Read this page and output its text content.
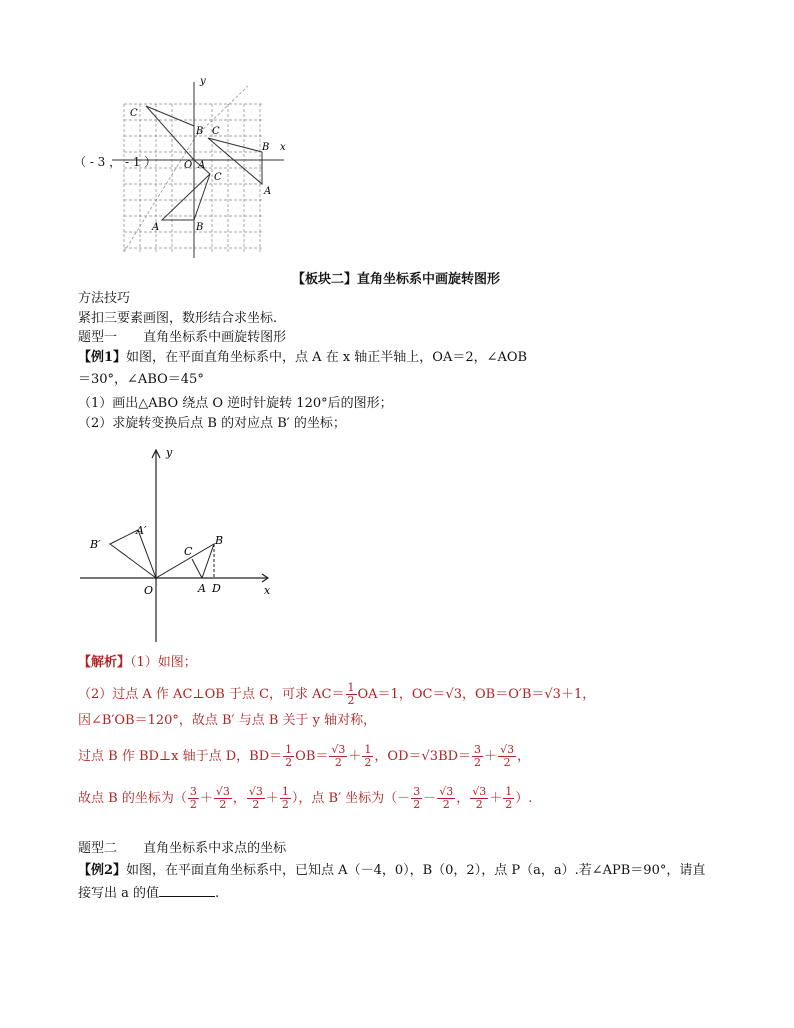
y
x
C
B C
B
O A
A
C
A	B
（ - 3 ， - 1 ）
【板块二】直角坐标系中画旋转图形
方法技巧
紧扣三要素画图，数形结合求坐标.
题型一 直角坐标系中画旋转图形
【例1】如图，在平面直角坐标系中，点 A 在 x 轴正半轴上，OA＝2，∠AOB
＝30°，∠ABO＝45°
（1）画出△ABO 绕点 O 逆时针旋转 120°后的图形；
（2）求旋转变换后点 B 的对应点 B′ 的坐标；
y
x
O	A D
B
C
B′
A′
【解析】（1）如图；
（2）过点 A 作 AC⊥OB 于点 C，可求 $AC= \frac{1}{2} OA=1$，OC＝√3，OB＝O′B＝√3＋1，
因∠B′OB＝120°，故点 B′ 与点 B 关于 y 轴对称，
过点 B 作 BD⊥x 轴于点 D，$BD= \frac{1}{2} OB= \frac{√3}{2} + \frac{1}{2}$ ，$OD=√3BD= \frac{3}{2} + \frac{√3}{2}$ ，
故点 B 的坐标为（ $\frac{3}{2} + \frac{√3}{2}$ ， $\frac{√3}{2} + \frac{1}{2}$ ），点 B′ 坐标为（－ $\frac{3}{2} - \frac{√3}{2}$ ， $\frac{√3}{2} + \frac{1}{2}$ ）.
题型二 直角坐标系中求点的坐标
【例2】如图，在平面直角坐标系中，已知点 A（－4，0），B（0，2），点 P（a，a）.若∠APB＝90°，请直
接写出 a 的值	.
